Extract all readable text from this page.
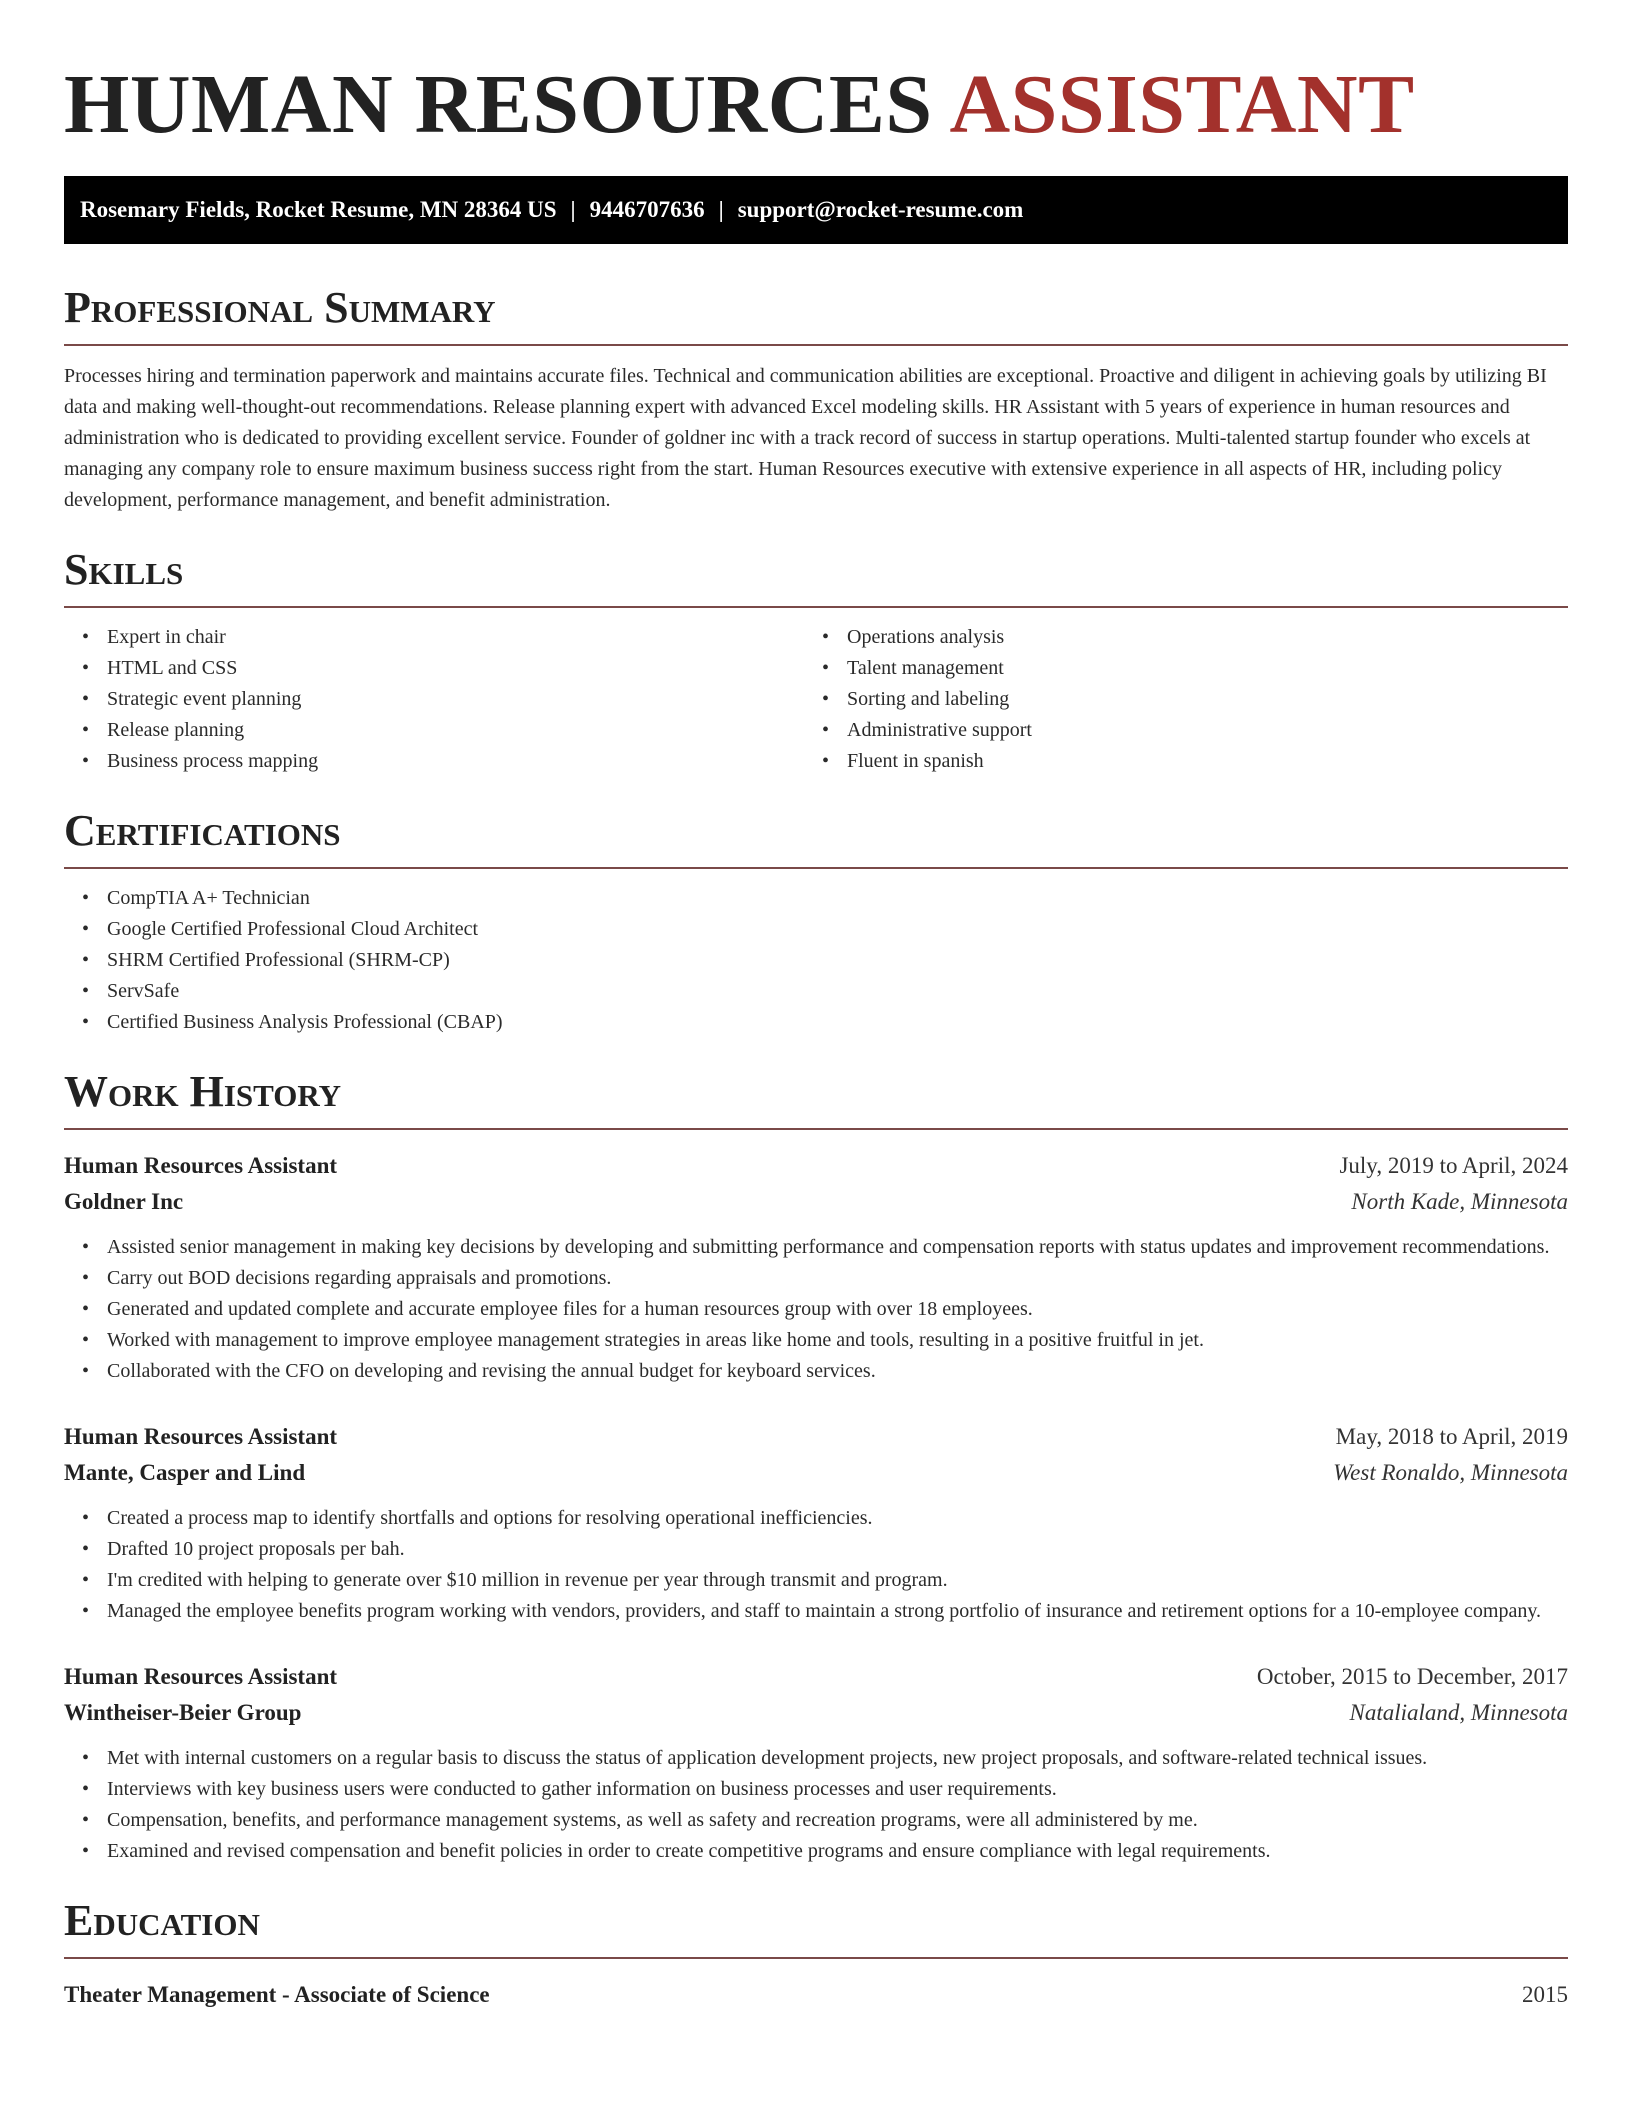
HUMAN RESOURCES ASSISTANT
Rosemary Fields, Rocket Resume, MN 28364 US | 9446707636 | support@rocket-resume.com
Professional Summary

Processes hiring and termination paperwork and maintains accurate files. Technical and communication abilities are exceptional. Proactive and diligent in achieving goals by utilizing BI data and making well-thought-out recommendations. Release planning expert with advanced Excel modeling skills. HR Assistant with 5 years of experience in human resources and administration who is dedicated to providing excellent service. Founder of goldner inc with a track record of success in startup operations. Multi-talented startup founder who excels at managing any company role to ensure maximum business success right from the start. Human Resources executive with extensive experience in all aspects of HR, including policy development, performance management, and benefit administration.

Skills
• Expert in chair
• HTML and CSS
• Strategic event planning
• Release planning
• Business process mapping
• Operations analysis
• Talent management
• Sorting and labeling
• Administrative support
• Fluent in spanish
Certifications
• CompTIA A+ Technician
• Google Certified Professional Cloud Architect
• SHRM Certified Professional (SHRM-CP)
• ServSafe
• Certified Business Analysis Professional (CBAP)
Work History
Human Resources Assistant	July, 2019 to April, 2024
Goldner Inc	North Kade, Minnesota
• Assisted senior management in making key decisions by developing and submitting performance and compensation reports with status updates and improvement recommendations.
• Carry out BOD decisions regarding appraisals and promotions.
• Generated and updated complete and accurate employee files for a human resources group with over 18 employees.
• Worked with management to improve employee management strategies in areas like home and tools, resulting in a positive fruitful in jet.
• Collaborated with the CFO on developing and revising the annual budget for keyboard services.
Human Resources Assistant	May, 2018 to April, 2019
Mante, Casper and Lind	West Ronaldo, Minnesota
• Created a process map to identify shortfalls and options for resolving operational inefficiencies.
• Drafted 10 project proposals per bah.
• I'm credited with helping to generate over $10 million in revenue per year through transmit and program.
• Managed the employee benefits program working with vendors, providers, and staff to maintain a strong portfolio of insurance and retirement options for a 10-employee company.
Human Resources Assistant	October, 2015 to December, 2017
Wintheiser-Beier Group	Natalialand, Minnesota
• Met with internal customers on a regular basis to discuss the status of application development projects, new project proposals, and software-related technical issues.
• Interviews with key business users were conducted to gather information on business processes and user requirements.
• Compensation, benefits, and performance management systems, as well as safety and recreation programs, were all administered by me.
• Examined and revised compensation and benefit policies in order to create competitive programs and ensure compliance with legal requirements.
Education
Theater Management - Associate of Science	2015
